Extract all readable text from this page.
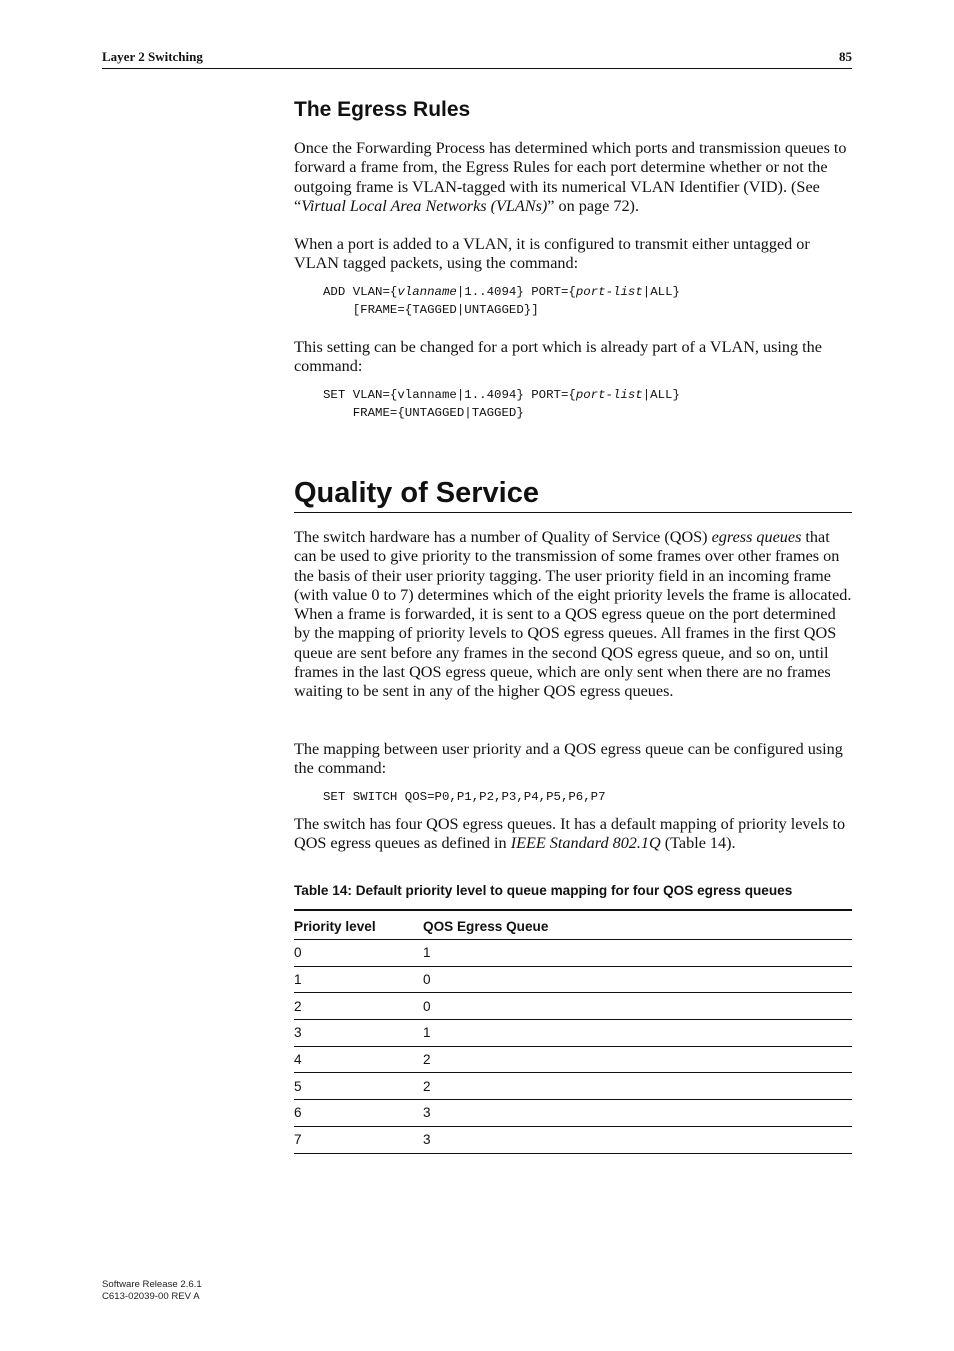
Layer 2 Switching	85
The Egress Rules

Once the Forwarding Process has determined which ports and transmission queues to forward a frame from, the Egress Rules for each port determine whether or not the outgoing frame is VLAN-tagged with its numerical VLAN Identifier (VID). (See “Virtual Local Area Networks (VLANs)” on page 72).

When a port is added to a VLAN, it is configured to transmit either untagged or VLAN tagged packets, using the command:

ADD VLAN={vlanname|1..4094} PORT={port-list|ALL}
[FRAME={TAGGED|UNTAGGED}]

This setting can be changed for a port which is already part of a VLAN, using the command:

SET VLAN={vlanname|1..4094} PORT={port-list|ALL}
FRAME={UNTAGGED|TAGGED}
Quality of Service

The switch hardware has a number of Quality of Service (QOS) egress queues that can be used to give priority to the transmission of some frames over other frames on the basis of their user priority tagging. The user priority field in an incoming frame (with value 0 to 7) determines which of the eight priority levels the frame is allocated. When a frame is forwarded, it is sent to a QOS egress queue on the port determined by the mapping of priority levels to QOS egress queues. All frames in the first QOS queue are sent before any frames in the second QOS egress queue, and so on, until frames in the last QOS egress queue, which are only sent when there are no frames waiting to be sent in any of the higher QOS egress queues.

The mapping between user priority and a QOS egress queue can be configured using the command:

SET SWITCH QOS=P0,P1,P2,P3,P4,P5,P6,P7

The switch has four QOS egress queues. It has a default mapping of priority levels to QOS egress queues as defined in IEEE Standard 802.1Q (Table 14).

Table 14: Default priority level to queue mapping for four QOS egress queues

Priority level	QOS Egress Queue
0	1
1	0
2	0
3	1
4	2
5	2
6	3
7	3
Software Release 2.6.1
C613-02039-00 REV A
